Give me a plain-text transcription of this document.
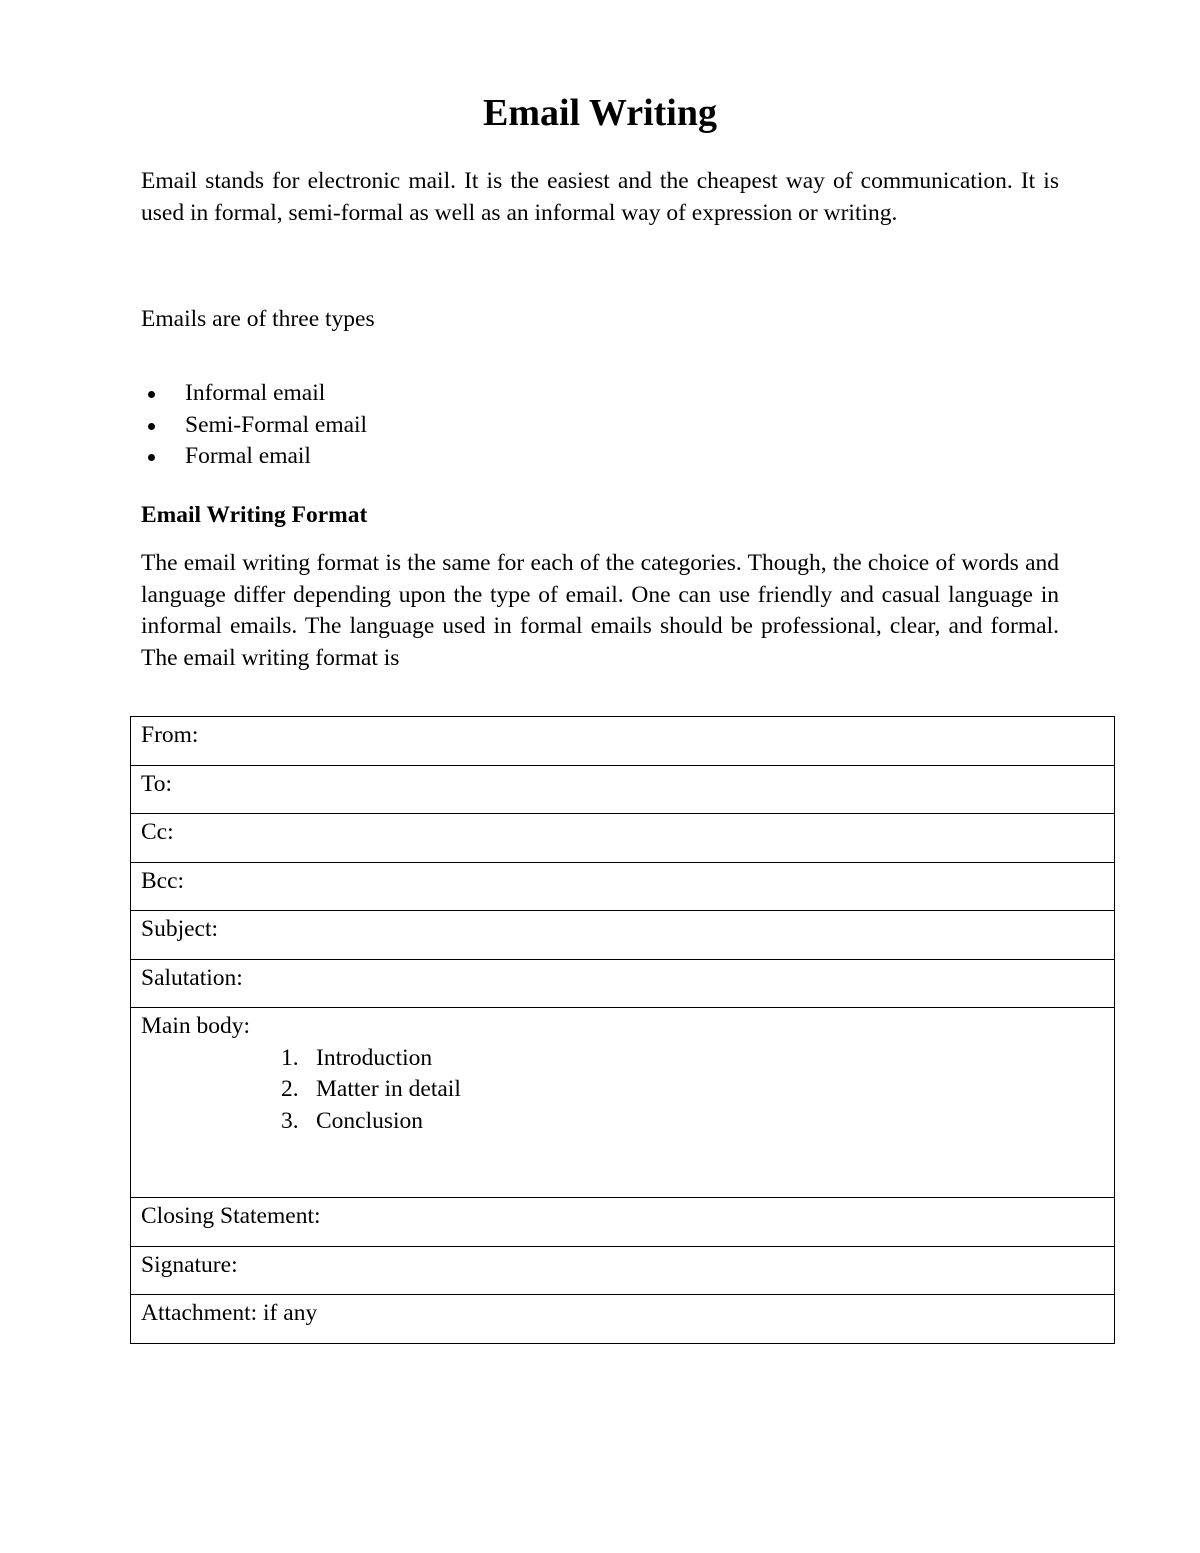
Email Writing

Email stands for electronic mail. It is the easiest and the cheapest way of communication. It is used in formal, semi-formal as well as an informal way of expression or writing.

Emails are of three types

Informal email
Semi-Formal email
Formal email
Email Writing Format

The email writing format is the same for each of the categories. Though, the choice of words and language differ depending upon the type of email. One can use friendly and casual language in informal emails. The language used in formal emails should be professional, clear, and formal. The email writing format is

From:
To:
Cc:
Bcc:
Subject:
Salutation:
Main body:
1. Introduction
2. Matter in detail
3. Conclusion
Closing Statement:
Signature:
Attachment: if any
